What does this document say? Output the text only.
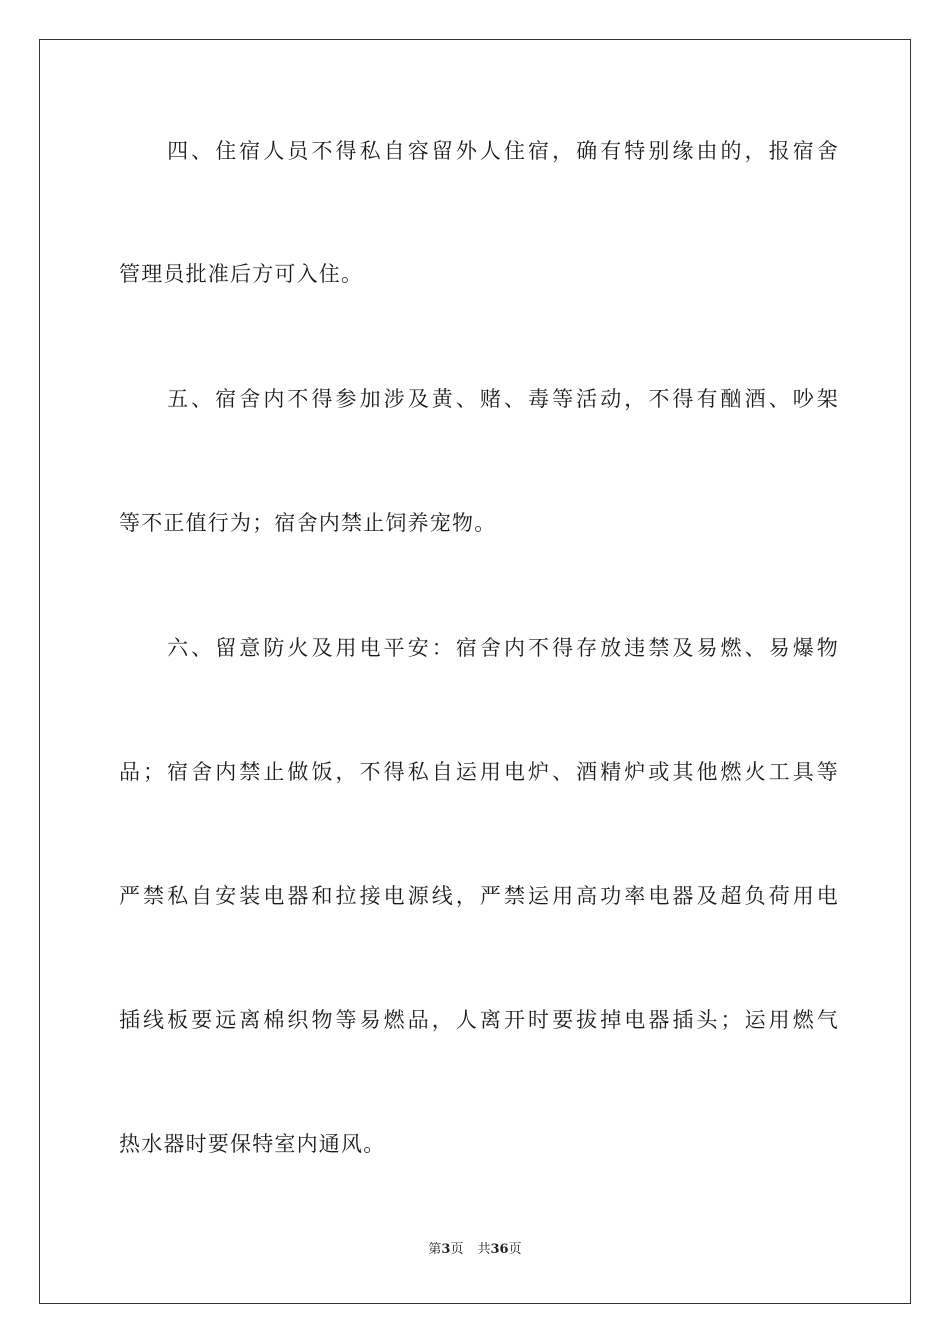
　　四、住宿人员不得私自容留外人住宿，确有特别缘由的，报宿舍
管理员批准后方可入住。
　　五、宿舍内不得参加涉及黄、赌、毒等活动，不得有酗酒、吵架
等不正值行为；宿舍内禁止饲养宠物。
　　六、留意防火及用电平安：宿舍内不得存放违禁及易燃、易爆物
品；宿舍内禁止做饭，不得私自运用电炉、酒精炉或其他燃火工具等
严禁私自安装电器和拉接电源线，严禁运用高功率电器及超负荷用电
插线板要远离棉织物等易燃品，人离开时要拔掉电器插头；运用燃气
热水器时要保特室内通风。
第3页 共36页
